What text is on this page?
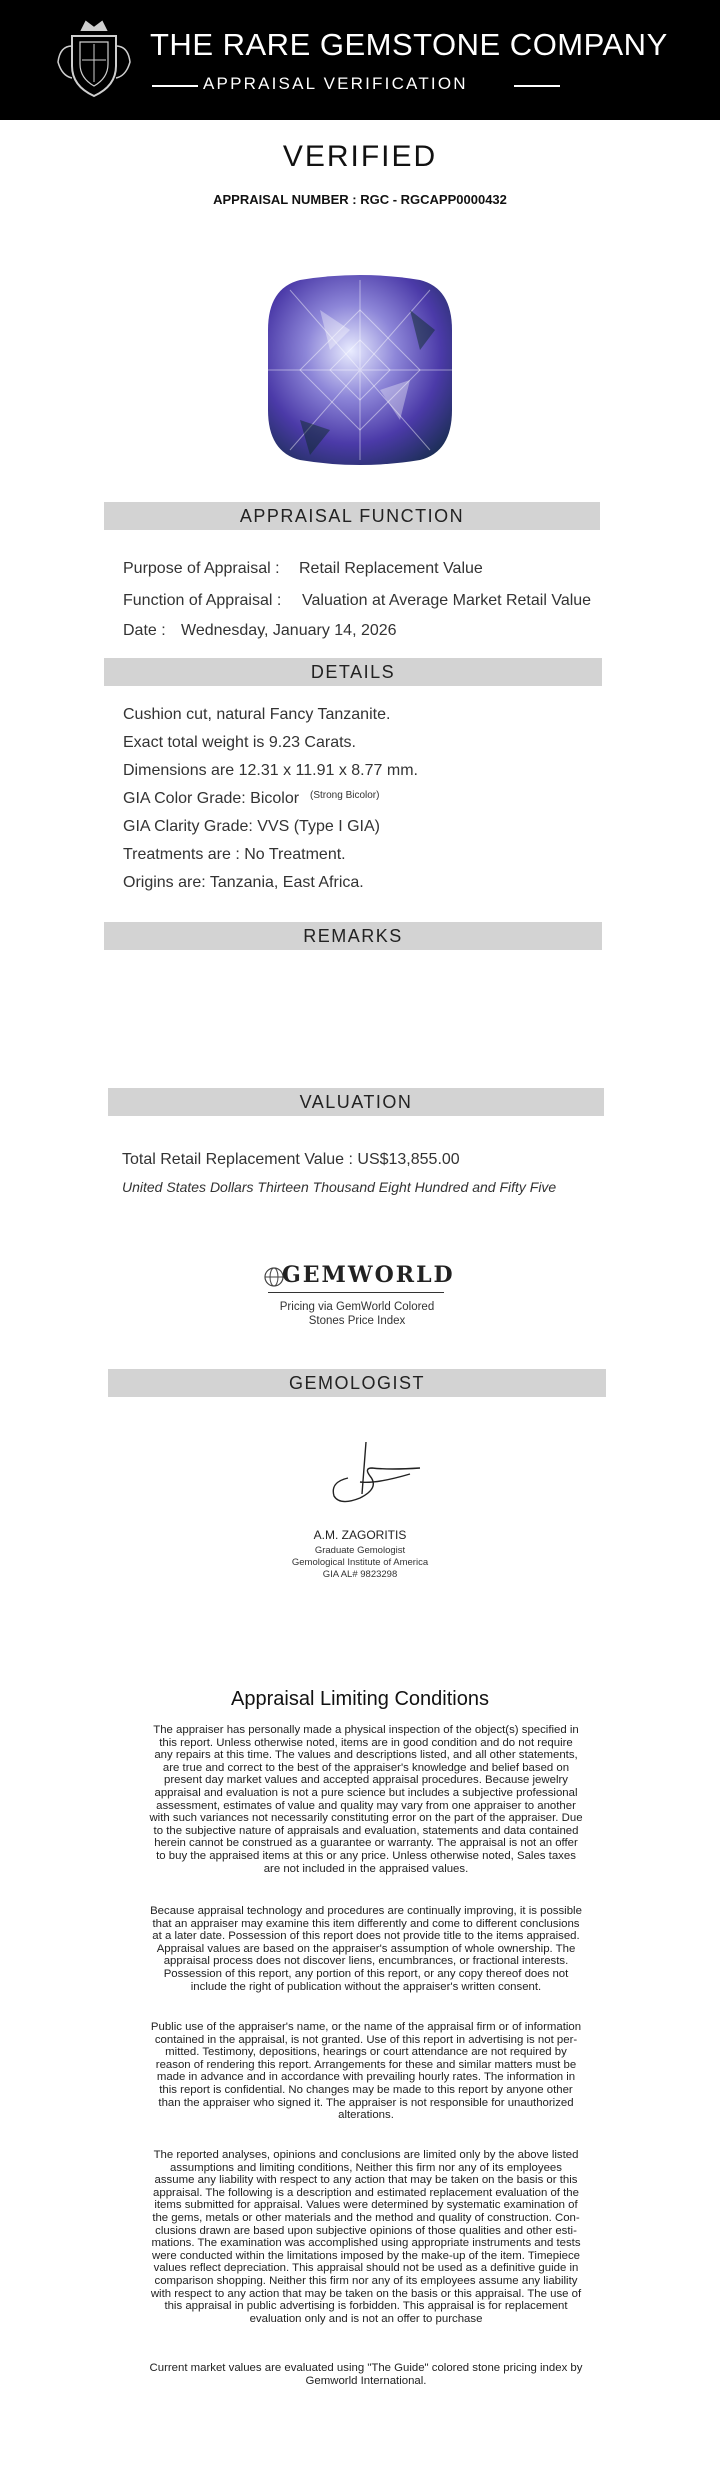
THE RARE GEMSTONE COMPANY
APPRAISAL VERIFICATION
VERIFIED
APPRAISAL NUMBER : RGC - RGCAPP0000432
APPRAISAL FUNCTION
Purpose of Appraisal : Retail Replacement Value
Function of Appraisal : Valuation at Average Market Retail Value
Date : Wednesday, January 14, 2026
DETAILS
Cushion cut, natural Fancy Tanzanite.
Exact total weight is 9.23 Carats.
Dimensions are 12.31 x 11.91 x 8.77 mm.
GIA Color Grade: Bicolor (Strong Bicolor)
GIA Clarity Grade: VVS (Type I GIA)
Treatments are : No Treatment.
Origins are: Tanzania, East Africa.
REMARKS
VALUATION
Total Retail Replacement Value : US$13,855.00
United States Dollars Thirteen Thousand Eight Hundred and Fifty Five
GEMWORLD
Pricing via GemWorld Colored
Stones Price Index
GEMOLOGIST
A.M. ZAGORITIS
Graduate Gemologist
Gemological Institute of America
GIA AL# 9823298
Appraisal Limiting Conditions
The appraiser has personally made a physical inspection of the object(s) specified in
this report. Unless otherwise noted, items are in good condition and do not require
any repairs at this time. The values and descriptions listed, and all other statements,
are true and correct to the best of the appraiser's knowledge and belief based on
present day market values and accepted appraisal procedures. Because jewelry
appraisal and evaluation is not a pure science but includes a subjective professional
assessment, estimates of value and quality may vary from one appraiser to another
with such variances not necessarily constituting error on the part of the appraiser. Due
to the subjective nature of appraisals and evaluation, statements and data contained
herein cannot be construed as a guarantee or warranty. The appraisal is not an offer
to buy the appraised items at this or any price. Unless otherwise noted, Sales taxes
are not included in the appraised values.
Because appraisal technology and procedures are continually improving, it is possible
that an appraiser may examine this item differently and come to different conclusions
at a later date. Possession of this report does not provide title to the items appraised.
Appraisal values are based on the appraiser's assumption of whole ownership. The
appraisal process does not discover liens, encumbrances, or fractional interests.
Possession of this report, any portion of this report, or any copy thereof does not
include the right of publication without the appraiser's written consent.
Public use of the appraiser's name, or the name of the appraisal firm or of information
contained in the appraisal, is not granted. Use of this report in advertising is not per-
mitted. Testimony, depositions, hearings or court attendance are not required by
reason of rendering this report. Arrangements for these and similar matters must be
made in advance and in accordance with prevailing hourly rates. The information in
this report is confidential. No changes may be made to this report by anyone other
than the appraiser who signed it. The appraiser is not responsible for unauthorized
alterations.
The reported analyses, opinions and conclusions are limited only by the above listed
assumptions and limiting conditions, Neither this firm nor any of its employees
assume any liability with respect to any action that may be taken on the basis or this
appraisal. The following is a description and estimated replacement evaluation of the
items submitted for appraisal. Values were determined by systematic examination of
the gems, metals or other materials and the method and quality of construction. Con-
clusions drawn are based upon subjective opinions of those qualities and other esti-
mations. The examination was accomplished using appropriate instruments and tests
were conducted within the limitations imposed by the make-up of the item. Timepiece
values reflect depreciation. This appraisal should not be used as a definitive guide in
comparison shopping. Neither this firm nor any of its employees assume any liability
with respect to any action that may be taken on the basis or this appraisal. The use of
this appraisal in public advertising is forbidden. This appraisal is for replacement
evaluation only and is not an offer to purchase
Current market values are evaluated using "The Guide" colored stone pricing index by
Gemworld International.
